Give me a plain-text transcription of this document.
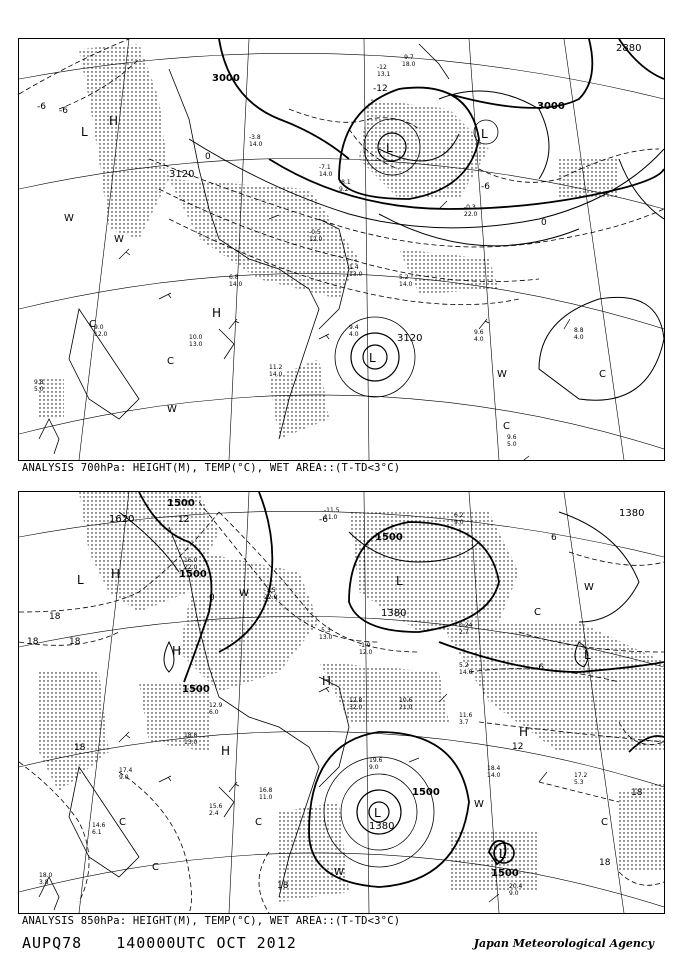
-12
13.1
-9.7
18.0
-3.8
14.0
-7.1
14.0
-8.1
9.2
-0.5
12.0
1.4
13.0	5.2
14.0
-0.3
22.0
9.6
4.0
8.8
4.0
9.6
5.0
9.0
12.0	10.0
13.0
11.2
14.0
9.4
4.0
6.8
14.0
9.8
5.0
3000
3000
3120
3120
2880
-12
-6
-6
0
0
-6
L
L
L
L
H
H
W
W
W
W
C
C
C
C
ANALYSIS 700hPa: HEIGHT(M), TEMP(°C), WET AREA::(T-TD<3°C)
-11.5
11.0	6.2
9.0
16.0
22.0
-1.5
22.0
-5.3
13.0
-1.9
12.0
0.24
2.7
5.2
14.0
10.6
21.0
12.8
32.0
11.6
3.7
18.4
14.0	17.2
5.3
20.4
9.0
16.8
11.0
18.8
13.0
12.9
6.0
15.6
2.4
17.4
9.0
14.6
6.1
18.0
3.8
19.6
9.0
1500
1500
1500
1500
1500
1500
1380
1380
1380
1620
18
18	18
18
18
18
18
12
12
-6
-6
6
0
L
L
L
L
L
H
H
H
H
H
W
W
W
W
C
C
C
C	C
ANALYSIS 850hPa: HEIGHT(M), TEMP(°C), WET AREA::(T-TD<3°C)
AUPQ78 140000UTC OCT 2012	Japan Meteorological Agency
